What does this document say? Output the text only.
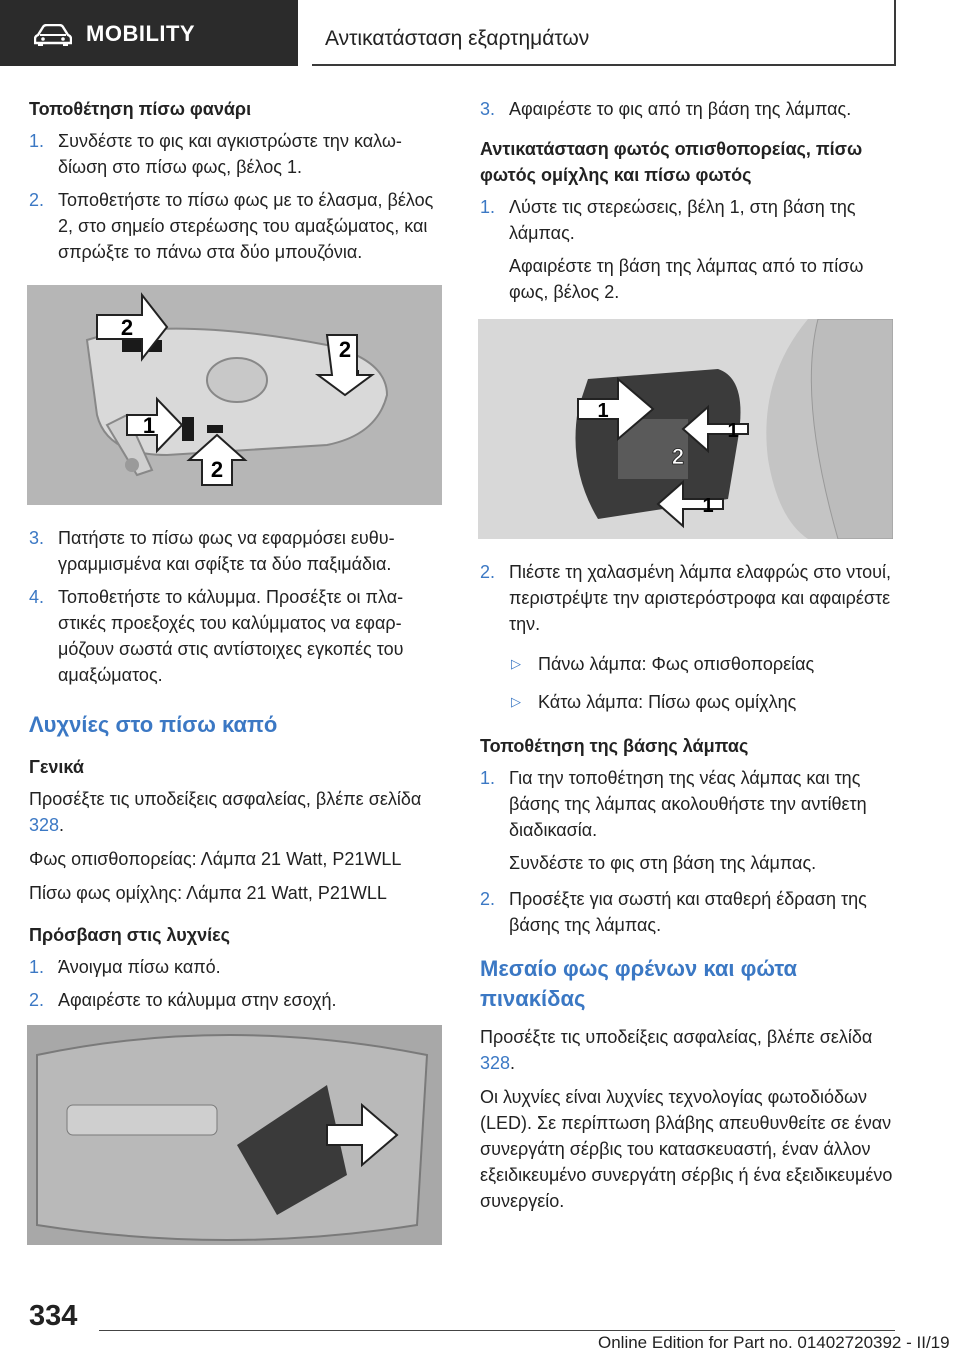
MOBILITY	Αντικατάσταση εξαρτημάτων
Τοποθέτηση πίσω φανάρι
1. Συνδέστε το φις και αγκιστρώστε την καλωδίωση στο πίσω φως, βέλος 1.
2. Τοποθετήστε το πίσω φως με το έλασμα, βέλος 2, στο σημείο στερέωσης του αμαξώματος, και σπρώξτε το πάνω στα δύο μπουζόνια.
2
2
1
2
3. Πατήστε το πίσω φως να εφαρμόσει ευθυγραμμισμένα και σφίξτε τα δύο παξιμάδια.
4. Τοποθετήστε το κάλυμμα. Προσέξτε οι πλαστικές προεξοχές του καλύμματος να εφαρμόζουν σωστά στις αντίστοιχες εγκοπές του αμαξώματος.
Λυχνίες στο πίσω καπό
Γενικά

Προσέξτε τις υποδείξεις ασφαλείας, βλέπε σελίδα 328.

Φως οπισθοπορείας: Λάμπα 21 Watt, P21WLL

Πίσω φως ομίχλης: Λάμπα 21 Watt, P21WLL

Πρόσβαση στις λυχνίες
1. Άνοιγμα πίσω καπό.
2. Αφαιρέστε το κάλυμμα στην εσοχή.
3. Αφαιρέστε το φις από τη βάση της λάμπας.
Αντικατάσταση φωτός οπισθοπορείας, πίσω φωτός ομίχλης και πίσω φωτός
1. Λύστε τις στερεώσεις, βέλη 1, στη βάση της λάμπας.
Αφαιρέστε τη βάση της λάμπας από το πίσω φως, βέλος 2.
1
1
2
1
2. Πιέστε τη χαλασμένη λάμπα ελαφρώς στο ντουί, περιστρέψτε την αριστερόστροφα και αφαιρέστε την.
▷ Πάνω λάμπα: Φως οπισθοπορείας
▷ Κάτω λάμπα: Πίσω φως ομίχλης
Τοποθέτηση της βάσης λάμπας
1. Για την τοποθέτηση της νέας λάμπας και της βάσης της λάμπας ακολουθήστε την αντίθετη διαδικασία.
Συνδέστε το φις στη βάση της λάμπας.
2. Προσέξτε για σωστή και σταθερή έδραση της βάσης της λάμπας.
Μεσαίο φως φρένων και φώτα πινακίδας

Προσέξτε τις υποδείξεις ασφαλείας, βλέπε σελίδα 328.

Οι λυχνίες είναι λυχνίες τεχνολογίας φωτοδιόδων (LED). Σε περίπτωση βλάβης απευθυνθείτε σε έναν συνεργάτη σέρβις του κατασκευαστή, έναν άλλον εξειδικευμένο συνεργάτη σέρβις ή ένα εξειδικευμένο συνεργείο.

334
Online Edition for Part no. 01402720392 - II/19
